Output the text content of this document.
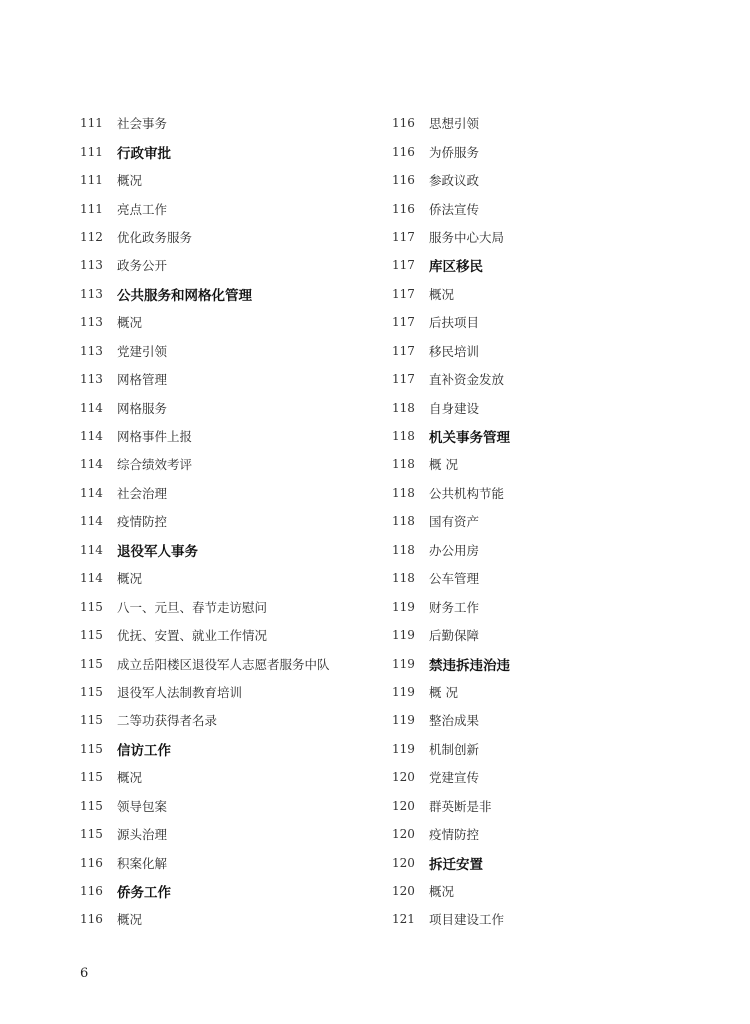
111	社会事务
111	行政审批
111	概况
111	亮点工作
112	优化政务服务
113	政务公开
113	公共服务和网格化管理
113	概况
113	党建引领
113	网格管理
114	网格服务
114	网格事件上报
114	综合绩效考评
114	社会治理
114	疫情防控
114	退役军人事务
114	概况
115	八一、元旦、春节走访慰问
115	优抚、安置、就业工作情况
115	成立岳阳楼区退役军人志愿者服务中队
115	退役军人法制教育培训
115	二等功获得者名录
115	信访工作
115	概况
115	领导包案
115	源头治理
116	积案化解
116	侨务工作
116	概况
116	思想引领
116	为侨服务
116	参政议政
116	侨法宣传
117	服务中心大局
117	库区移民
117	概况
117	后扶项目
117	移民培训
117	直补资金发放
118	自身建设
118	机关事务管理
118	概 况
118	公共机构节能
118	国有资产
118	办公用房
118	公车管理
119	财务工作
119	后勤保障
119	禁违拆违治违
119	概 况
119	整治成果
119	机制创新
120	党建宣传
120	群英断是非
120	疫情防控
120	拆迁安置
120	概况
121	项目建设工作
6
